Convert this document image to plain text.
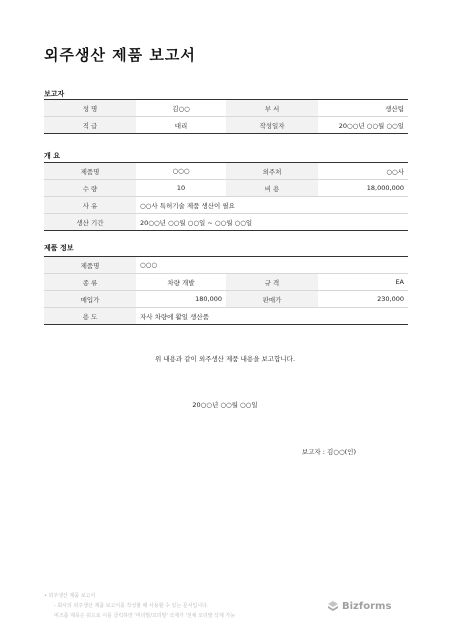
외주생산 제품 보고서
보고자
성 명	김○○	부 서	생산팀
직 급	대리	작성일자	20○○년 ○○월 ○○일
개 요
제품명	○○○	외주처	○○사
수 량	10	비 용	18,000,000
사 유	○○사 특허기술 제품 생산이 필요		
생산 기간	20○○년 ○○월 ○○일 ~ ○○월 ○○일		
제품 정보
제품명	○○○		
종 류	차량 개발	규 격	EA
매입가	180,000	판매가	230,000
용 도	자사 차량에 활일 생산품		
위 내용과 같이 외주생산 제품 내용을 보고합니다.
20○○년 ○○월 ○○일
보고자 : 김○○(인)
• 외주생산 제품 보고서
- 회사의 외주생산 제품 보고서를 작성할 때 사용할 수 있는 문서입니다.
비즈폼 제목은 워드로 이를 클릭하면 '머리말/꼬리말' 삭제가 '전체 꼬리말 삭제 가능
Bizforms
